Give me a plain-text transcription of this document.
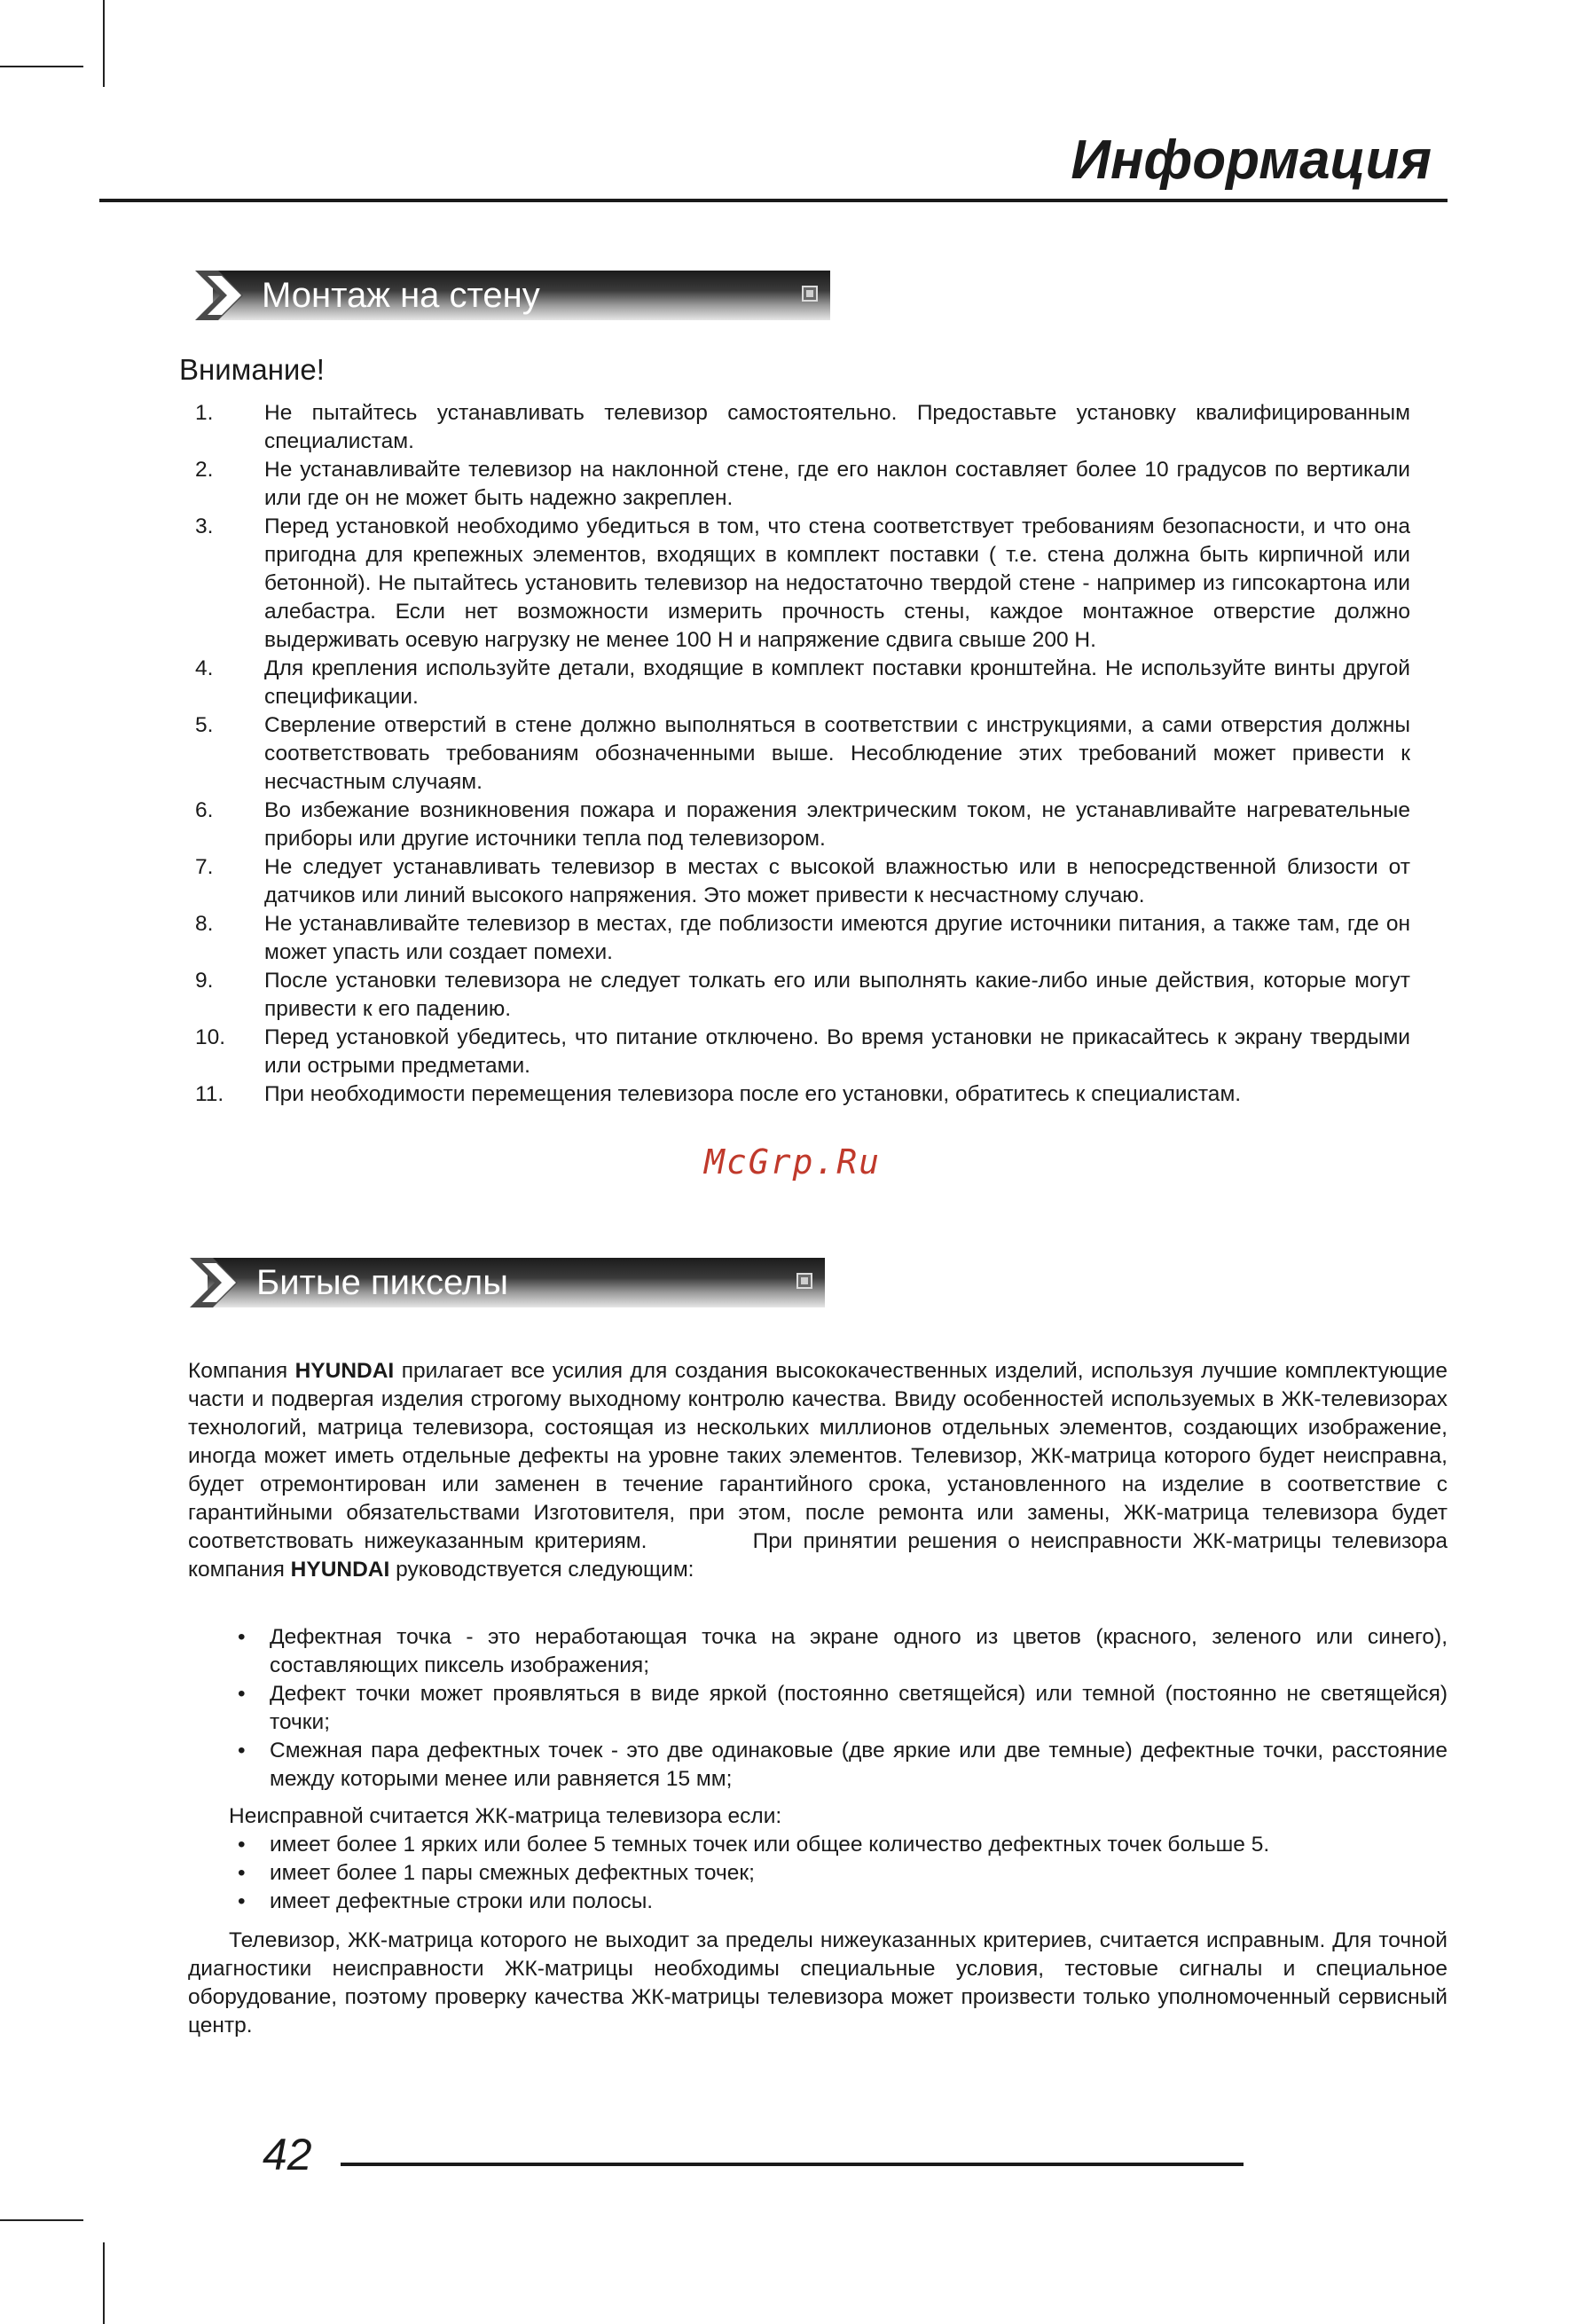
Информация
Монтаж на стену
Внимание!
1. Не пытайтесь устанавливать телевизор самостоятельно. Предоставьте установку квалифицированным специалистам.
2. Не устанавливайте телевизор на наклонной стене, где его наклон составляет более 10 градусов по вертикали или где он не может быть надежно закреплен.
3. Перед установкой необходимо убедиться в том, что стена соответствует требованиям безопасности, и что она пригодна для крепежных элементов, входящих в комплект поставки ( т.е. стена должна быть кирпичной или бетонной). Не пытайтесь установить телевизор на недостаточно твердой стене - например из гипсокартона или алебастра. Если нет возможности измерить прочность стены, каждое монтажное отверстие должно выдерживать осевую нагрузку не менее 100 Н и напряжение сдвига свыше 200 Н.
4. Для крепления используйте детали, входящие в комплект поставки кронштейна. Не используйте винты другой спецификации.
5. Сверление отверстий в стене должно выполняться в соответствии с инструкциями, а сами отверстия должны соответствовать требованиям обозначенными выше. Несоблюдение этих требований может привести к несчастным случаям.
6. Во избежание возникновения пожара и поражения электрическим током, не устанавливайте нагревательные приборы или другие источники тепла под телевизором.
7. Не следует устанавливать телевизор в местах с высокой влажностью или в непосредственной близости от датчиков или линий высокого напряжения. Это может привести к несчастному случаю.
8. Не устанавливайте телевизор в местах, где поблизости имеются другие источники питания, а также там, где он может упасть или создает помехи.
9. После установки телевизора не следует толкать его или выполнять какие-либо иные действия, которые могут привести к его падению.
10. Перед установкой убедитесь, что питание отключено. Во время установки не прикасайтесь к экрану твердыми или острыми предметами.
11. При необходимости перемещения телевизора после его установки, обратитесь к специалистам.
McGrp.Ru
Битые пикселы
Компания HYUNDAI прилагает все усилия для создания высококачественных изделий, используя лучшие комплектующие части и подвергая изделия строгому выходному контролю качества. Ввиду особенностей используемых в ЖК-телевизорах технологий, матрица телевизора, состоящая из нескольких миллионов отдельных элементов, создающих изображение, иногда может иметь отдельные дефекты на уровне таких элементов. Телевизор, ЖК-матрица которого будет неисправна, будет отремонтирован или заменен в течение гарантийного срока, установленного на изделие в соответствие с гарантийными обязательствами Изготовителя, при этом, после ремонта или замены, ЖК-матрица телевизора будет соответствовать нижеуказанным критериям.          При принятии решения о неисправности ЖК-матрицы телевизора компания HYUNDAI руководствуется следующим:
• Дефектная точка - это неработающая точка на экране одного из цветов (красного, зеленого или синего), составляющих пиксель изображения;
• Дефект точки может проявляться в виде яркой (постоянно светящейся) или темной (постоянно не светящейся) точки;
• Смежная пара дефектных точек - это две одинаковые (две яркие или две темные) дефектные точки, расстояние между которыми менее или равняется 15 мм;
Неисправной считается ЖК-матрица телевизора если:
• имеет более 1 ярких или более 5 темных точек или общее количество дефектных точек больше 5.
• имеет более 1 пары смежных дефектных точек;
• имеет дефектные строки или полосы.
Телевизор, ЖК-матрица которого не выходит за пределы нижеуказанных критериев, считается исправным. Для точной диагностики неисправности ЖК-матрицы необходимы специальные условия, тестовые сигналы и специальное оборудование, поэтому проверку качества ЖК-матрицы телевизора может произвести только уполномоченный сервисный центр.
42
